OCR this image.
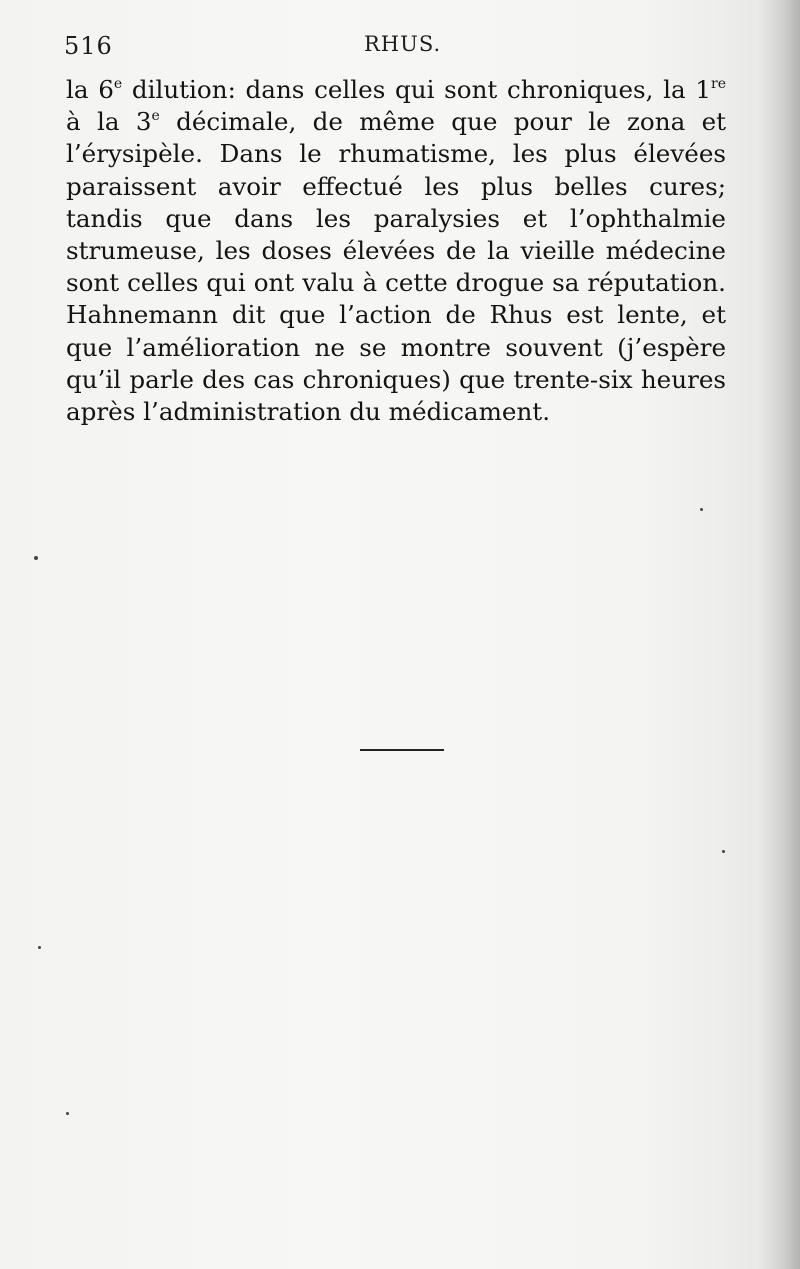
516	RHUS.

la 6e dilution: dans celles qui sont chroniques, la 1re à la 3e décimale, de même que pour le zona et l’érysipèle. Dans le rhumatisme, les plus élevées paraissent avoir effectué les plus belles cures; tandis que dans les paralysies et l’ophthalmie strumeuse, les doses élevées de la vieille médecine sont celles qui ont valu à cette drogue sa réputation. Hahnemann dit que l’action de Rhus est lente, et que l’amélioration ne se montre souvent (j’espère qu’il parle des cas chroniques) que trente-six heures après l’administration du médicament.
